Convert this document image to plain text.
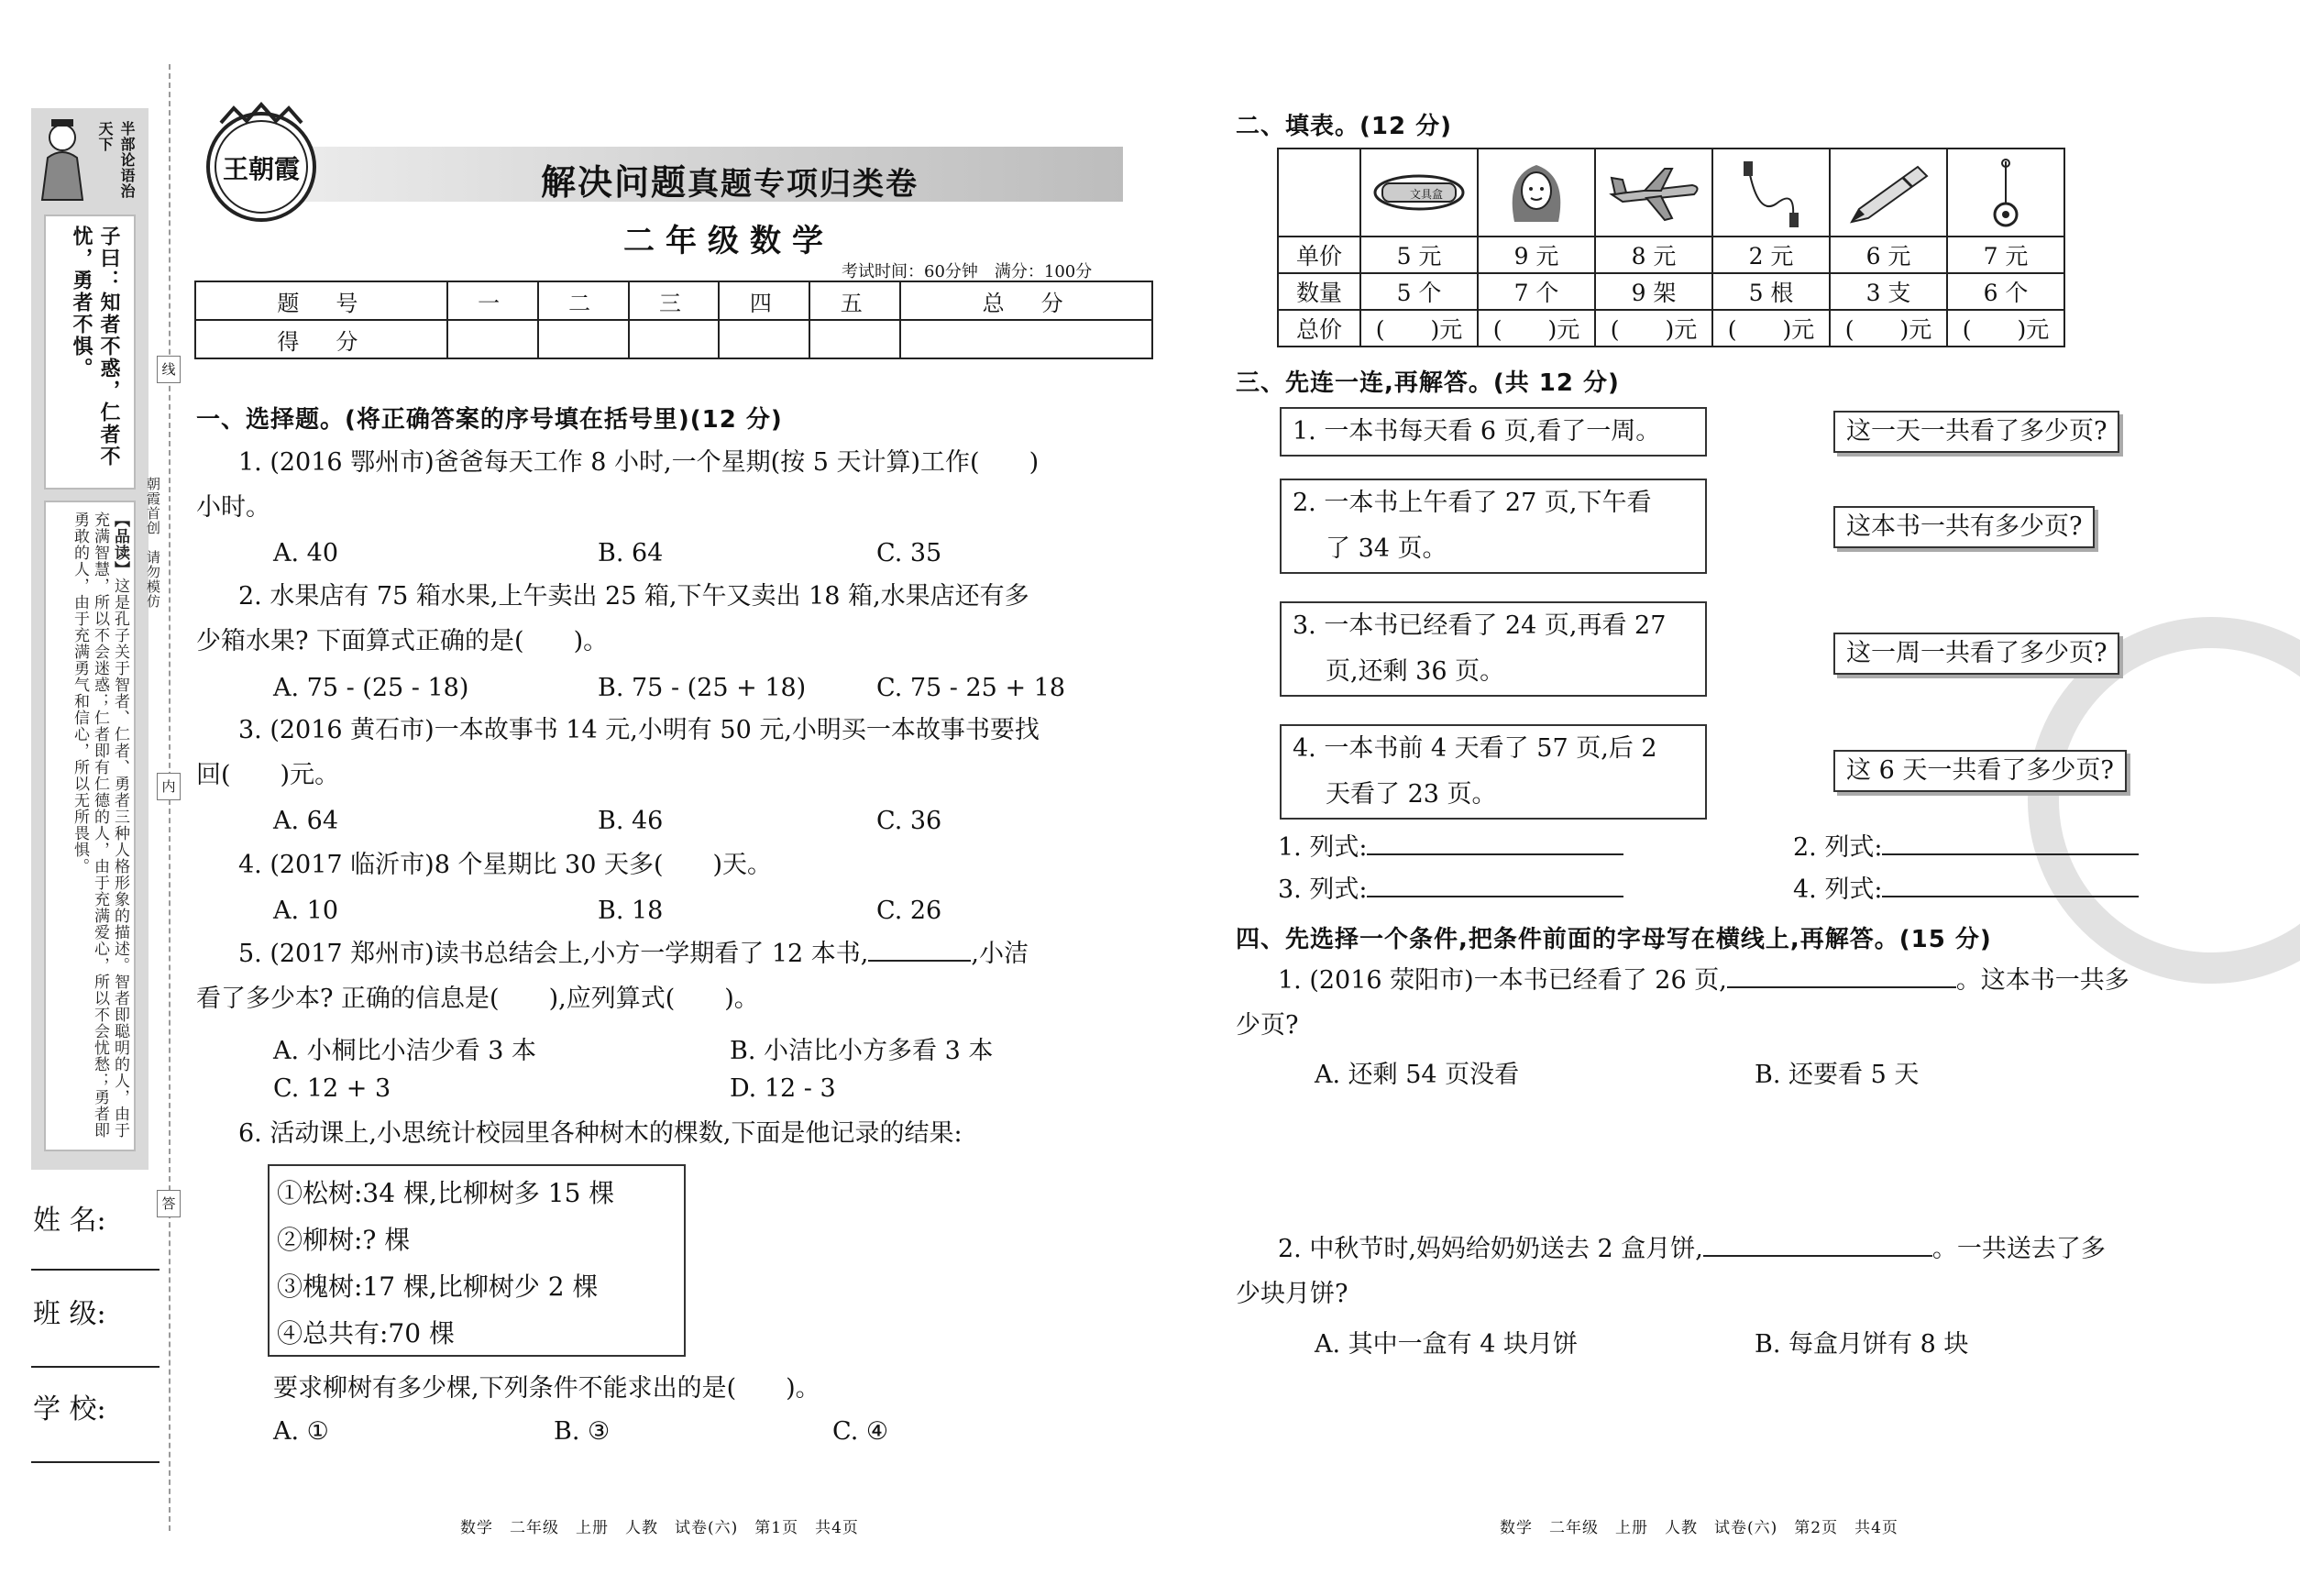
半部论语治天下
子曰：知者不惑，仁者不忧，勇者不惧。
【品读】这是孔子关于智者、仁者、勇者三种人格形象的描述。智者即聪明的人，由于充满智慧，所以不会迷惑；仁者即有仁德的人，由于充满爱心，所以不会忧愁；勇者即勇敢的人，由于充满勇气和信心，所以无所畏惧。	朝霞首创　请勿模仿
线
内
答
姓 名:
班 级:
学 校:
王朝霞	解决问题真题专项归类卷
二年级数学
考试时间：60分钟　满分：100分
题　号	一	二	三	四	五	总　分
得　分						
一、选择题。(将正确答案的序号填在括号里)(12 分)
1. (2016 鄂州市)爸爸每天工作 8 小时,一个星期(按 5 天计算)工作(　　)
小时。
A. 40	B. 64	C. 35
2. 水果店有 75 箱水果,上午卖出 25 箱,下午又卖出 18 箱,水果店还有多
少箱水果? 下面算式正确的是(　　)。
A. 75 - (25 - 18)	B. 75 - (25 + 18)	C. 75 - 25 + 18
3. (2016 黄石市)一本故事书 14 元,小明有 50 元,小明买一本故事书要找
回(　　)元。
A. 64	B. 46	C. 36
4. (2017 临沂市)8 个星期比 30 天多(　　)天。
A. 10	B. 18	C. 26
5. (2017 郑州市)读书总结会上,小方一学期看了 12 本书,	,小洁
看了多少本? 正确的信息是(　　),应列算式(　　)。
A. 小桐比小洁少看 3 本	B. 小洁比小方多看 3 本
C. 12 + 3	D. 12 - 3
6. 活动课上,小思统计校园里各种树木的棵数,下面是他记录的结果:
①松树:34 棵,比柳树多 15 棵
②柳树:? 棵
③槐树:17 棵,比柳树少 2 棵
④总共有:70 棵
要求柳树有多少棵,下列条件不能求出的是(　　)。
A. ①	B. ③	C. ④
数学　二年级　上册　人教　试卷(六)　第1页　共4页
二、填表。(12 分)

文具盒

单价	5 元	9 元	8 元	2 元	6 元	7 元
数量	5 个	7 个	9 架	5 根	3 支	6 个
总价	(　　)元	(　　)元	(　　)元	(　　)元	(　　)元	(　　)元
三、先连一连,再解答。(共 12 分)
1. 一本书每天看 6 页,看了一周。
2. 一本书上午看了 27 页,下午看
了 34 页。
3. 一本书已经看了 24 页,再看 27
页,还剩 36 页。
4. 一本书前 4 天看了 57 页,后 2
天看了 23 页。
这一天一共看了多少页?
这本书一共有多少页?
这一周一共看了多少页?
这 6 天一共看了多少页?
1. 列式:	2. 列式:
3. 列式:	4. 列式:
四、先选择一个条件,把条件前面的字母写在横线上,再解答。(15 分)
1. (2016 荥阳市)一本书已经看了 26 页,	。这本书一共多
少页?
A. 还剩 54 页没看	B. 还要看 5 天
2. 中秋节时,妈妈给奶奶送去 2 盒月饼,	。一共送去了多
少块月饼?
A. 其中一盒有 4 块月饼	B. 每盒月饼有 8 块
数学　二年级　上册　人教　试卷(六)　第2页　共4页
